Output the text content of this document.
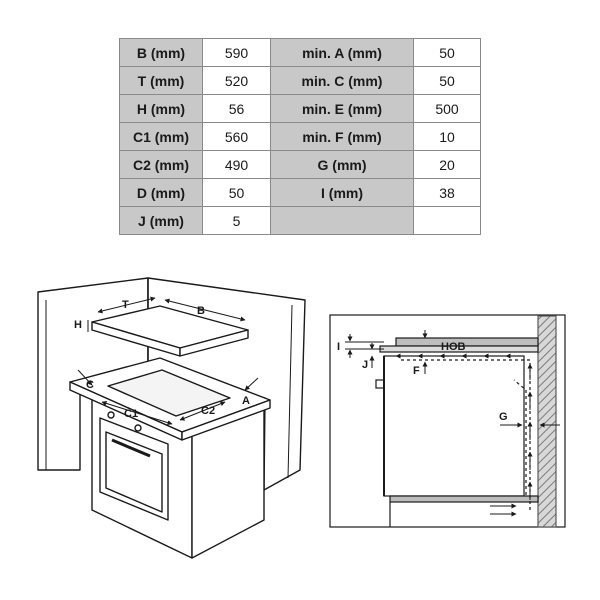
B (mm)	590	min. A (mm)	50
T (mm)	520	min. C (mm)	50
H (mm)	56	min. E (mm)	500
C1 (mm)	560	min. F (mm)	10
C2 (mm)	490	G (mm)	20
D (mm)	50	I (mm)	38
J (mm)	5		
T	B
H
C
C1	C2
A
I
J
HOB
F
G
